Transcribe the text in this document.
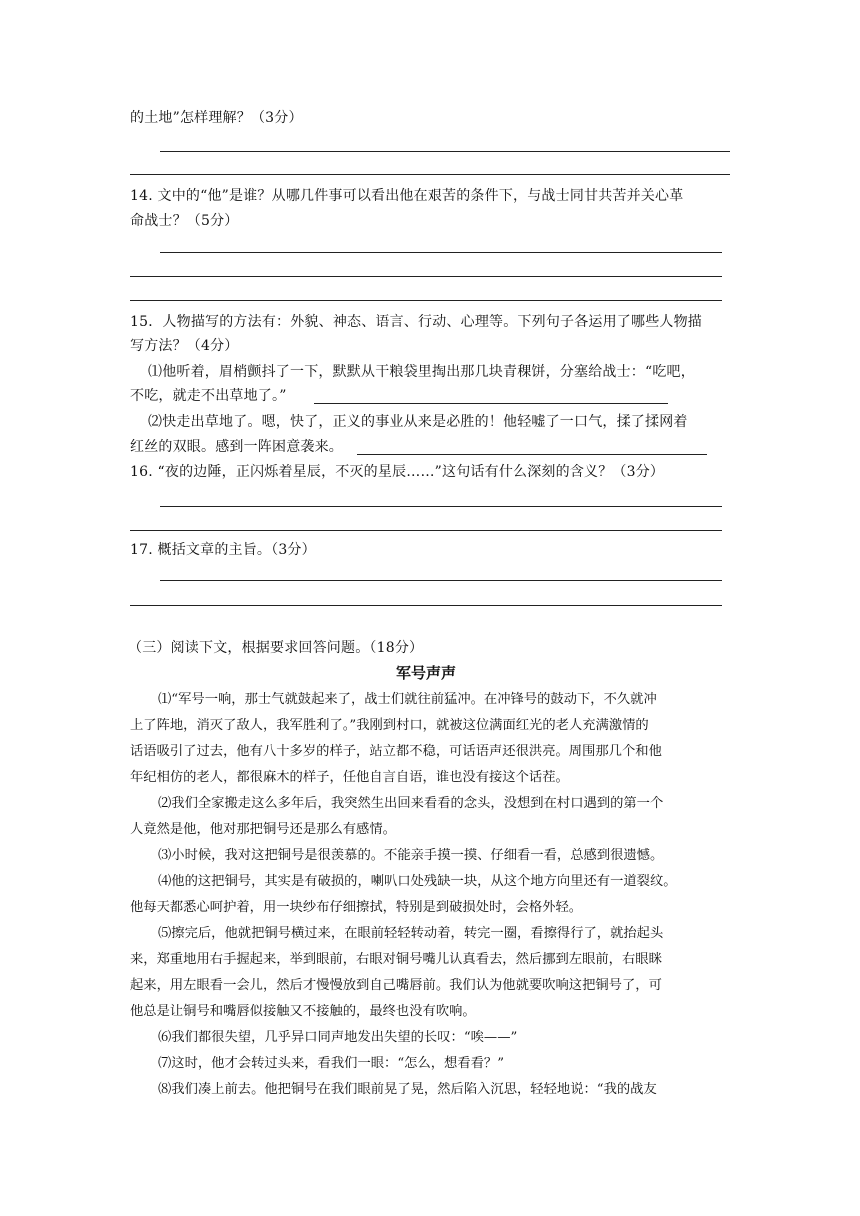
的土地”怎样理解？（3分）
14. 文中的“他”是谁？从哪几件事可以看出他在艰苦的条件下，与战士同甘共苦并关心革
命战士？（5分）
15．人物描写的方法有：外貌、神态、语言、行动、心理等。下列句子各运用了哪些人物描
写方法？（4分）
⑴他听着，眉梢颤抖了一下，默默从干粮袋里掏出那几块青稞饼，分塞给战士：“吃吧，
不吃，就走不出草地了。”
⑵快走出草地了。嗯，快了，正义的事业从来是必胜的！他轻嘘了一口气，揉了揉网着
红丝的双眼。感到一阵困意袭来。
16. “夜的边陲，正闪烁着星辰，不灭的星辰……”这句话有什么深刻的含义？（3分）
17. 概括文章的主旨。（3分）
（三）阅读下文，根据要求回答问题。（18分）
军号声声

⑴“军号一响，那士气就鼓起来了，战士们就往前猛冲。在冲锋号的鼓动下，不久就冲

上了阵地，消灭了敌人，我军胜利了。”我刚到村口，就被这位满面红光的老人充满激情的

话语吸引了过去，他有八十多岁的样子，站立都不稳，可话语声还很洪亮。周围那几个和他

年纪相仿的老人，都很麻木的样子，任他自言自语，谁也没有接这个话茬。

⑵我们全家搬走这么多年后，我突然生出回来看看的念头，没想到在村口遇到的第一个

人竟然是他，他对那把铜号还是那么有感情。

⑶小时候，我对这把铜号是很羡慕的。不能亲手摸一摸、仔细看一看，总感到很遗憾。

⑷他的这把铜号，其实是有破损的，喇叭口处残缺一块，从这个地方向里还有一道裂纹。

他每天都悉心呵护着，用一块纱布仔细擦拭，特别是到破损处时，会格外轻。

⑸擦完后，他就把铜号横过来，在眼前轻轻转动着，转完一圈，看擦得行了，就抬起头

来，郑重地用右手握起来，举到眼前，右眼对铜号嘴儿认真看去，然后挪到左眼前，右眼眯

起来，用左眼看一会儿，然后才慢慢放到自己嘴唇前。我们认为他就要吹响这把铜号了，可

他总是让铜号和嘴唇似接触又不接触的，最终也没有吹响。

⑹我们都很失望，几乎异口同声地发出失望的长叹：“唉——”

⑺这时，他才会转过头来，看我们一眼：“怎么，想看看？”

⑻我们凑上前去。他把铜号在我们眼前晃了晃，然后陷入沉思，轻轻地说：“我的战友
